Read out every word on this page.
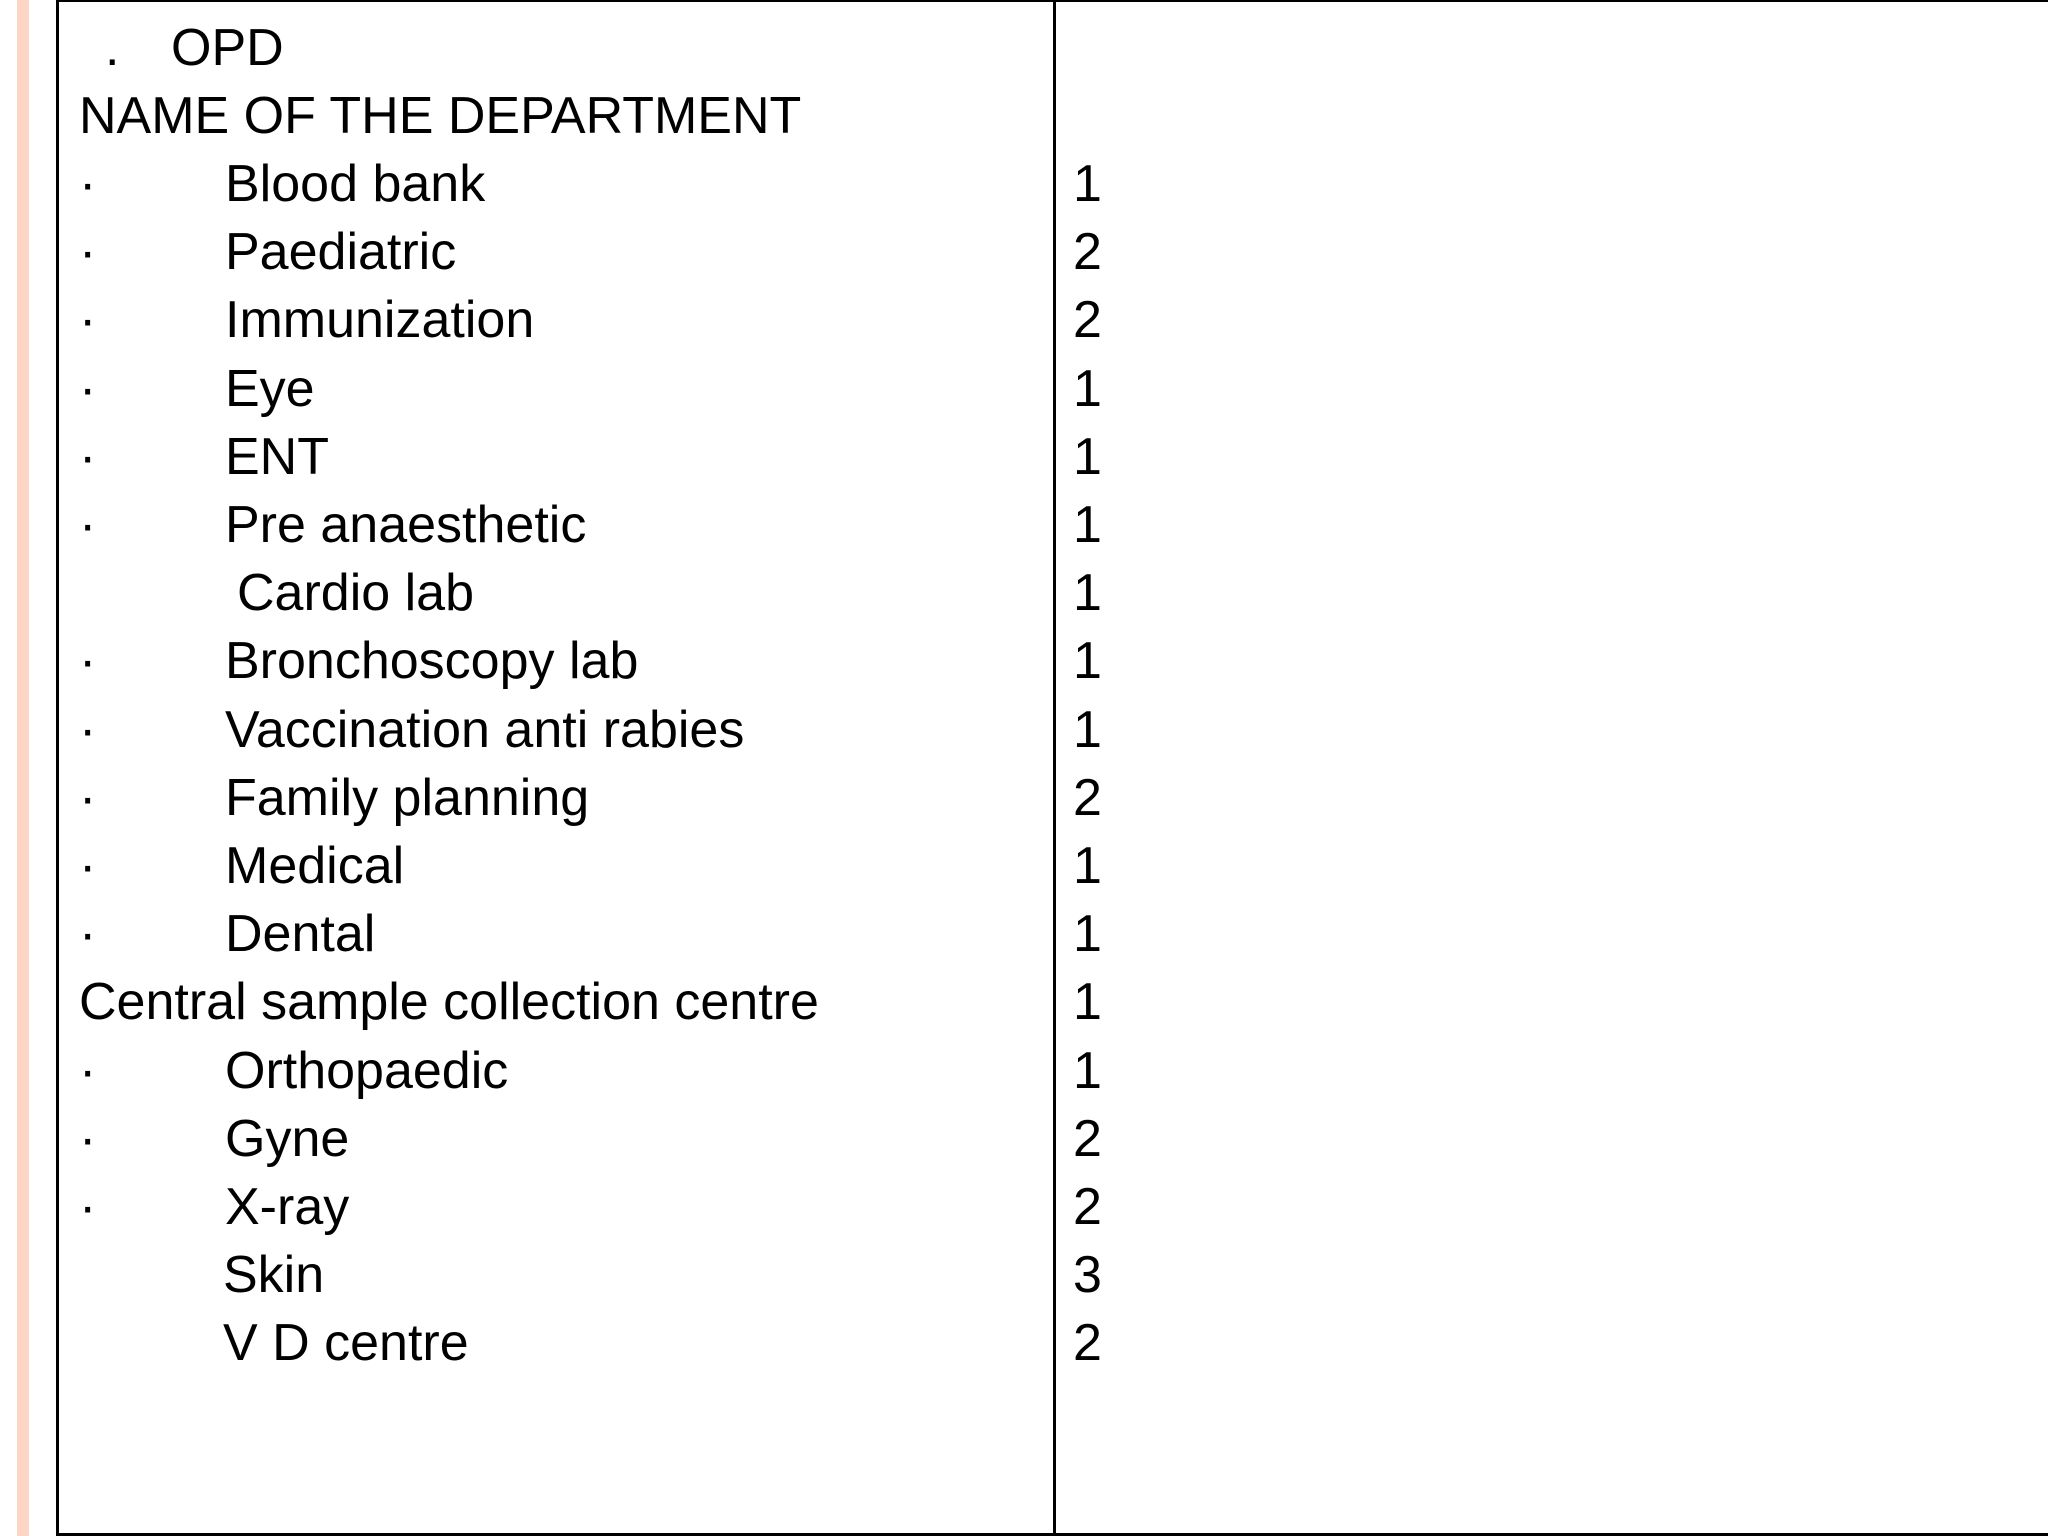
. OPD
NAME OF THE DEPARTMENT
· Blood bank	1
· Paediatric	2
· Immunization	2
· Eye	1
· ENT	1
· Pre anaesthetic	1
Cardio lab	1
· Bronchoscopy lab	1
· Vaccination anti rabies	1
· Family planning	2
· Medical	1
· Dental	1
Central sample collection centre	1
· Orthopaedic	1
· Gyne	2
· X-ray	2
Skin	3
V D centre	2
